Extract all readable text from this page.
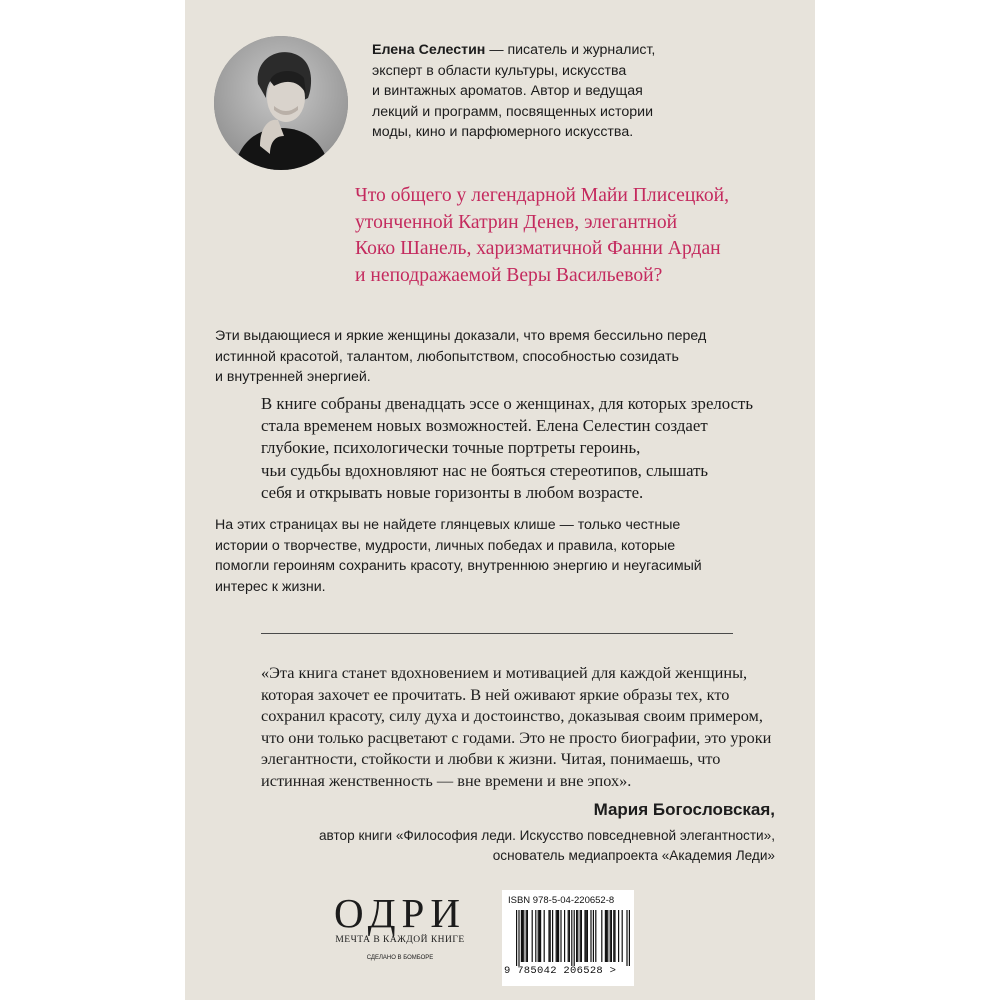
Елена Селестин — писатель и журналист,
эксперт в области культуры, искусства
и винтажных ароматов. Автор и ведущая
лекций и программ, посвященных истории
моды, кино и парфюмерного искусства.
Что общего у легендарной Майи Плисецкой,
утонченной Катрин Денев, элегантной
Коко Шанель, харизматичной Фанни Ардан
и неподражаемой Веры Васильевой?
Эти выдающиеся и яркие женщины доказали, что время бессильно перед
истинной красотой, талантом, любопытством, способностью созидать
и внутренней энергией.
В книге собраны двенадцать эссе о женщинах, для которых зрелость
стала временем новых возможностей. Елена Селестин создает
глубокие, психологически точные портреты героинь,
чьи судьбы вдохновляют нас не бояться стереотипов, слышать
себя и открывать новые горизонты в любом возрасте.
На этих страницах вы не найдете глянцевых клише — только честные
истории о творчестве, мудрости, личных победах и правила, которые
помогли героиням сохранить красоту, внутреннюю энергию и неугасимый
интерес к жизни.
«Эта книга станет вдохновением и мотивацией для каждой женщины,
которая захочет ее прочитать. В ней оживают яркие образы тех, кто
сохранил красоту, силу духа и достоинство, доказывая своим примером,
что они только расцветают с годами. Это не просто биографии, это уроки
элегантности, стойкости и любви к жизни. Читая, понимаешь, что
истинная женственность — вне времени и вне эпох».
Мария Богословская,
автор книги «Философия леди. Искусство повседневной элегантности»,
основатель медиапроекта «Академия Леди»
ОДРИ
МЕЧТА В КАЖДОЙ КНИГЕ
СДЕЛАНО В БОМБОРЕ
ISBN 978-5-04-220652-8
9 785042 206528 >
